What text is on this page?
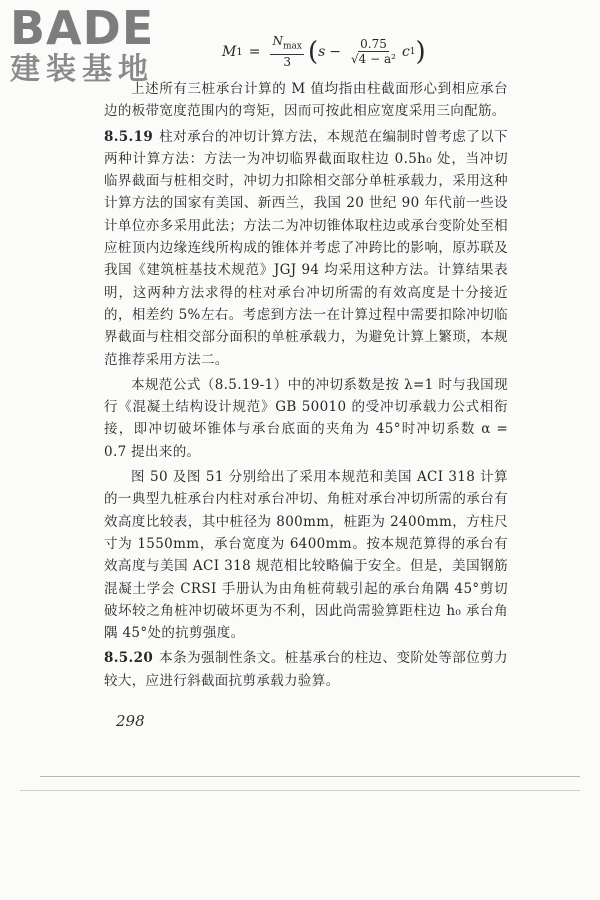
BADE
建装基地	M $1 = \frac{N_{max}}{3}$ ( $s - \frac{0.75}{\text{√4 − a²}}$ c 1 )

上述所有三桩承台计算的 M 值均指由柱截面形心到相应承台边的板带宽度范围内的弯矩，因而可按此相应宽度采用三向配筋。

8.5.19 柱对承台的冲切计算方法，本规范在编制时曾考虑了以下两种计算方法：方法一为冲切临界截面取柱边 0.5h₀ 处，当冲切临界截面与桩相交时，冲切力扣除相交部分单桩承载力，采用这种计算方法的国家有美国、新西兰，我国 20 世纪 90 年代前一些设计单位亦多采用此法；方法二为冲切锥体取柱边或承台变阶处至相应桩顶内边缘连线所构成的锥体并考虑了冲跨比的影响，原苏联及我国《建筑桩基技术规范》JGJ 94 均采用这种方法。计算结果表明，这两种方法求得的柱对承台冲切所需的有效高度是十分接近的，相差约 5%左右。考虑到方法一在计算过程中需要扣除冲切临界截面与柱相交部分面积的单桩承载力，为避免计算上繁琐，本规范推荐采用方法二。

本规范公式（8.5.19-1）中的冲切系数是按 λ=1 时与我国现行《混凝土结构设计规范》GB 50010 的受冲切承载力公式相衔接，即冲切破坏锥体与承台底面的夹角为 45°时冲切系数 α = 0.7 提出来的。

图 50 及图 51 分别给出了采用本规范和美国 ACI 318 计算的一典型九桩承台内柱对承台冲切、角桩对承台冲切所需的承台有效高度比较表，其中桩径为 800mm，桩距为 2400mm，方柱尺寸为 1550mm，承台宽度为 6400mm。按本规范算得的承台有效高度与美国 ACI 318 规范相比较略偏于安全。但是，美国钢筋混凝土学会 CRSI 手册认为由角桩荷载引起的承台角隅 45°剪切破坏较之角桩冲切破坏更为不利，因此尚需验算距柱边 h₀ 承台角隅 45°处的抗剪强度。

8.5.20 本条为强制性条文。桩基承台的柱边、变阶处等部位剪力较大，应进行斜截面抗剪承载力验算。

298
